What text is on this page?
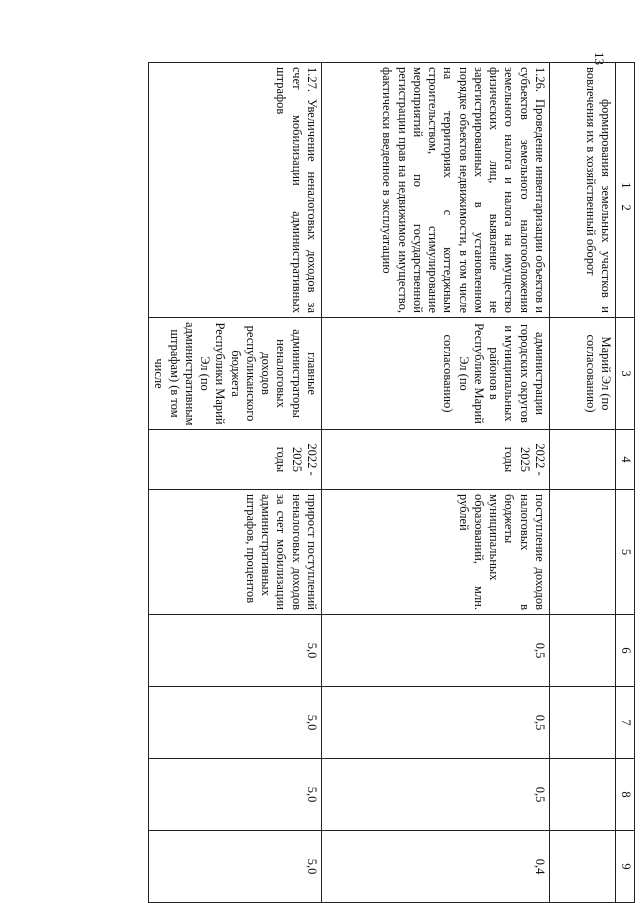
13
1 2	3	4	5	6	7	8	9
формирования земельных участков и вовлечения их в хозяйственный оборот	Марий Эл (по согласованию)						
1.26.Проведение инвентаризации объектов и субъектов земельного налогообложения земельного налога и налога на имущество физических лиц, выявление не зарегистрированных в установленном порядке объектов недвижимости, в том числе на территориях с коттеджным строительством, стимулирование мероприятий по государственной регистрации прав на недвижимое имущество, фактически введенное в эксплуатацию	администрации городских округов и муниципальных районов в Республике Марий Эл (по согласованию)	2022 - 2025 годы	поступление доходов налоговых в бюджеты муниципальных образований, млн. рублей	0,5	0,5	0,5	0,4
1.27.Увеличение неналоговых доходов за счет мобилизации административных штрафов	главные администраторы неналоговых доходов республиканского бюджета Республики Марий Эл (по административным штрафам) (в том числе	2022 - 2025 годы	прирост поступлений неналоговых доходов за счет мобилизации административных штрафов, процентов	5,0	5,0	5,0	5,0
